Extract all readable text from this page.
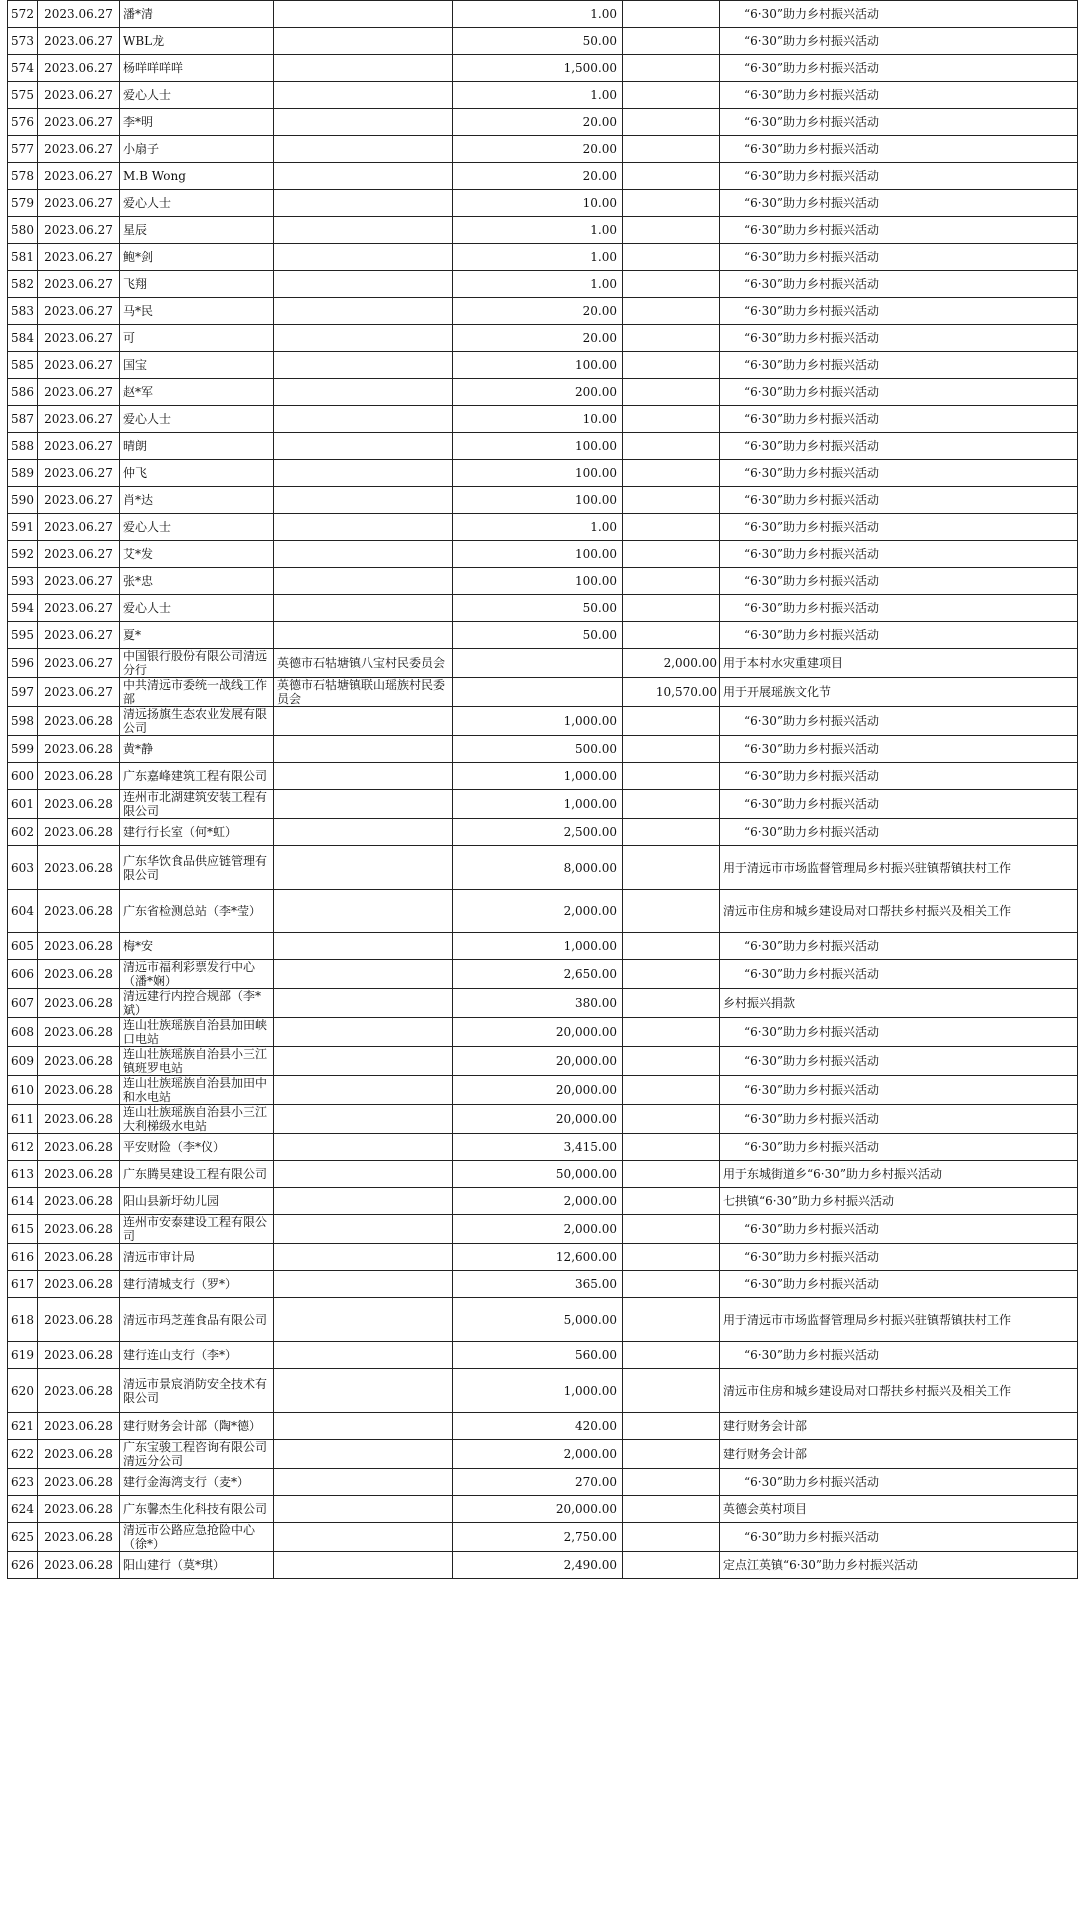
572	2023.06.27	潘*清		1.00		“6·30”助力乡村振兴活动
573	2023.06.27	WBL龙		50.00		“6·30”助力乡村振兴活动
574	2023.06.27	杨咩咩咩咩		1,500.00		“6·30”助力乡村振兴活动
575	2023.06.27	爱心人士		1.00		“6·30”助力乡村振兴活动
576	2023.06.27	李*明		20.00		“6·30”助力乡村振兴活动
577	2023.06.27	小扇子		20.00		“6·30”助力乡村振兴活动
578	2023.06.27	M.B Wong		20.00		“6·30”助力乡村振兴活动
579	2023.06.27	爱心人士		10.00		“6·30”助力乡村振兴活动
580	2023.06.27	星辰		1.00		“6·30”助力乡村振兴活动
581	2023.06.27	鲍*剑		1.00		“6·30”助力乡村振兴活动
582	2023.06.27	飞翔		1.00		“6·30”助力乡村振兴活动
583	2023.06.27	马*民		20.00		“6·30”助力乡村振兴活动
584	2023.06.27	可		20.00		“6·30”助力乡村振兴活动
585	2023.06.27	国宝		100.00		“6·30”助力乡村振兴活动
586	2023.06.27	赵*军		200.00		“6·30”助力乡村振兴活动
587	2023.06.27	爱心人士		10.00		“6·30”助力乡村振兴活动
588	2023.06.27	晴朗		100.00		“6·30”助力乡村振兴活动
589	2023.06.27	仲飞		100.00		“6·30”助力乡村振兴活动
590	2023.06.27	肖*达		100.00		“6·30”助力乡村振兴活动
591	2023.06.27	爱心人士		1.00		“6·30”助力乡村振兴活动
592	2023.06.27	艾*发		100.00		“6·30”助力乡村振兴活动
593	2023.06.27	张*忠		100.00		“6·30”助力乡村振兴活动
594	2023.06.27	爱心人士		50.00		“6·30”助力乡村振兴活动
595	2023.06.27	夏*		50.00		“6·30”助力乡村振兴活动
596	2023.06.27	中国银行股份有限公司清远分行	英德市石牯塘镇八宝村民委员会		2,000.00	用于本村水灾重建项目
597	2023.06.27	中共清远市委统一战线工作部	英德市石牯塘镇联山瑶族村民委员会		10,570.00	用于开展瑶族文化节
598	2023.06.28	清远扬旗生态农业发展有限公司		1,000.00		“6·30”助力乡村振兴活动
599	2023.06.28	黄*静		500.00		“6·30”助力乡村振兴活动
600	2023.06.28	广东嘉峰建筑工程有限公司		1,000.00		“6·30”助力乡村振兴活动
601	2023.06.28	连州市北湖建筑安装工程有限公司		1,000.00		“6·30”助力乡村振兴活动
602	2023.06.28	建行行长室（何*虹）		2,500.00		“6·30”助力乡村振兴活动
603	2023.06.28	广东华饮食品供应链管理有限公司		8,000.00		用于清远市市场监督管理局乡村振兴驻镇帮镇扶村工作
604	2023.06.28	广东省检测总站（李*莹）		2,000.00		清远市住房和城乡建设局对口帮扶乡村振兴及相关工作
605	2023.06.28	梅*安		1,000.00		“6·30”助力乡村振兴活动
606	2023.06.28	清远市福利彩票发行中心（潘*娴）		2,650.00		“6·30”助力乡村振兴活动
607	2023.06.28	清远建行内控合规部（李*斌）		380.00		乡村振兴捐款
608	2023.06.28	连山壮族瑶族自治县加田峡口电站		20,000.00		“6·30”助力乡村振兴活动
609	2023.06.28	连山壮族瑶族自治县小三江镇班罗电站		20,000.00		“6·30”助力乡村振兴活动
610	2023.06.28	连山壮族瑶族自治县加田中和水电站		20,000.00		“6·30”助力乡村振兴活动
611	2023.06.28	连山壮族瑶族自治县小三江大利梯级水电站		20,000.00		“6·30”助力乡村振兴活动
612	2023.06.28	平安财险（李*仪）		3,415.00		“6·30”助力乡村振兴活动
613	2023.06.28	广东腾昊建设工程有限公司		50,000.00		用于东城街道乡“6·30”助力乡村振兴活动
614	2023.06.28	阳山县新圩幼儿园		2,000.00		七拱镇“6·30”助力乡村振兴活动
615	2023.06.28	连州市安泰建设工程有限公司		2,000.00		“6·30”助力乡村振兴活动
616	2023.06.28	清远市审计局		12,600.00		“6·30”助力乡村振兴活动
617	2023.06.28	建行清城支行（罗*）		365.00		“6·30”助力乡村振兴活动
618	2023.06.28	清远市玛芝莲食品有限公司		5,000.00		用于清远市市场监督管理局乡村振兴驻镇帮镇扶村工作
619	2023.06.28	建行连山支行（李*）		560.00		“6·30”助力乡村振兴活动
620	2023.06.28	清远市景宸消防安全技术有限公司		1,000.00		清远市住房和城乡建设局对口帮扶乡村振兴及相关工作
621	2023.06.28	建行财务会计部（陶*德）		420.00		建行财务会计部
622	2023.06.28	广东宝骏工程咨询有限公司清远分公司		2,000.00		建行财务会计部
623	2023.06.28	建行金海湾支行（麦*）		270.00		“6·30”助力乡村振兴活动
624	2023.06.28	广东馨杰生化科技有限公司		20,000.00		英德会英村项目
625	2023.06.28	清远市公路应急抢险中心（徐*）		2,750.00		“6·30”助力乡村振兴活动
626	2023.06.28	阳山建行（莫*琪）		2,490.00		定点江英镇“6·30”助力乡村振兴活动
